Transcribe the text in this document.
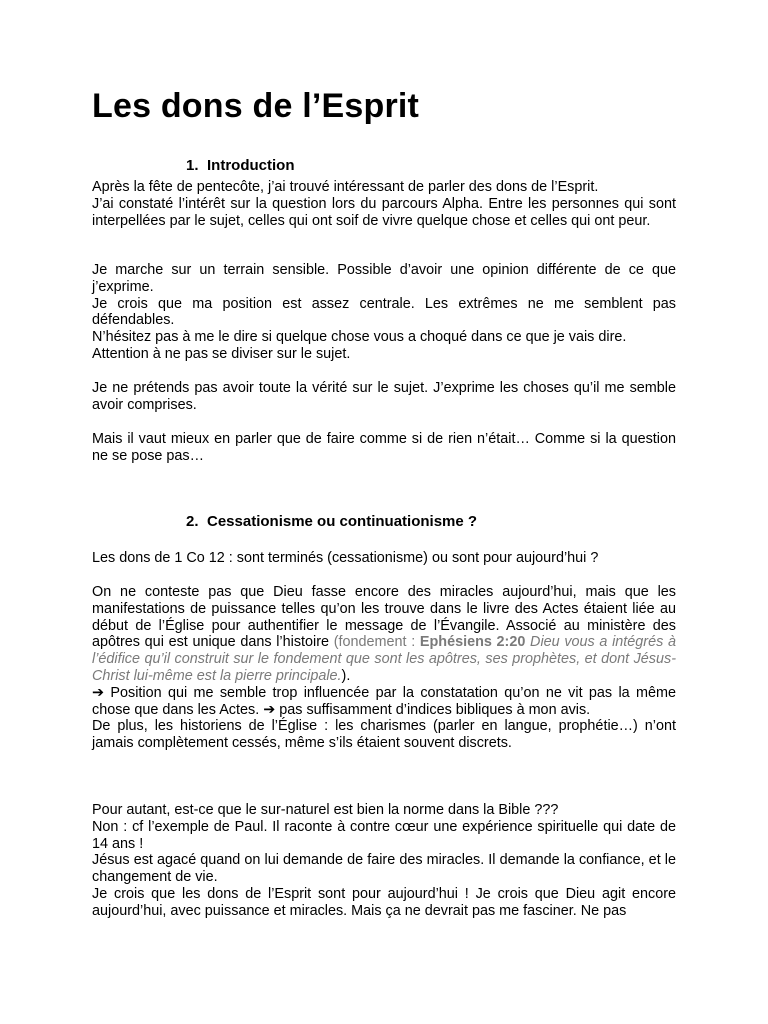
Les dons de l’Esprit
1. Introduction
Après la fête de pentecôte, j’ai trouvé intéressant de parler des dons de l’Esprit.
J’ai constaté l’intérêt sur la question lors du parcours Alpha. Entre les personnes qui sont interpellées par le sujet, celles qui ont soif de vivre quelque chose et celles qui ont peur.
Je marche sur un terrain sensible. Possible d’avoir une opinion différente de ce que j’exprime.
Je crois que ma position est assez centrale. Les extrêmes ne me semblent pas défendables.
N’hésitez pas à me le dire si quelque chose vous a choqué dans ce que je vais dire.
Attention à ne pas se diviser sur le sujet.
Je ne prétends pas avoir toute la vérité sur le sujet. J’exprime les choses qu’il me semble avoir comprises.
Mais il vaut mieux en parler que de faire comme si de rien n’était… Comme si la question ne se pose pas…
2. Cessationisme ou continuationisme ?
Les dons de 1 Co 12 : sont terminés (cessationisme) ou sont pour aujourd’hui ?
On ne conteste pas que Dieu fasse encore des miracles aujourd’hui, mais que les manifestations de puissance telles qu’on les trouve dans le livre des Actes étaient liée au début de l’Église pour authentifier le message de l’Évangile. Associé au ministère des apôtres qui est unique dans l’histoire (fondement : Ephésiens 2:20 Dieu vous a intégrés à l’édifice qu’il construit sur le fondement que sont les apôtres, ses prophètes, et dont Jésus-Christ lui-même est la pierre principale.).
➔ Position qui me semble trop influencée par la constatation qu’on ne vit pas la même chose que dans les Actes. ➔ pas suffisamment d’indices bibliques à mon avis.
De plus, les historiens de l’Église : les charismes (parler en langue, prophétie…) n’ont jamais complètement cessés, même s’ils étaient souvent discrets.
Pour autant, est-ce que le sur-naturel est bien la norme dans la Bible ???
Non : cf l’exemple de Paul. Il raconte à contre cœur une expérience spirituelle qui date de 14 ans !
Jésus est agacé quand on lui demande de faire des miracles. Il demande la confiance, et le changement de vie.
Je crois que les dons de l’Esprit sont pour aujourd’hui ! Je crois que Dieu agit encore aujourd’hui, avec puissance et miracles. Mais ça ne devrait pas me fasciner. Ne pas
